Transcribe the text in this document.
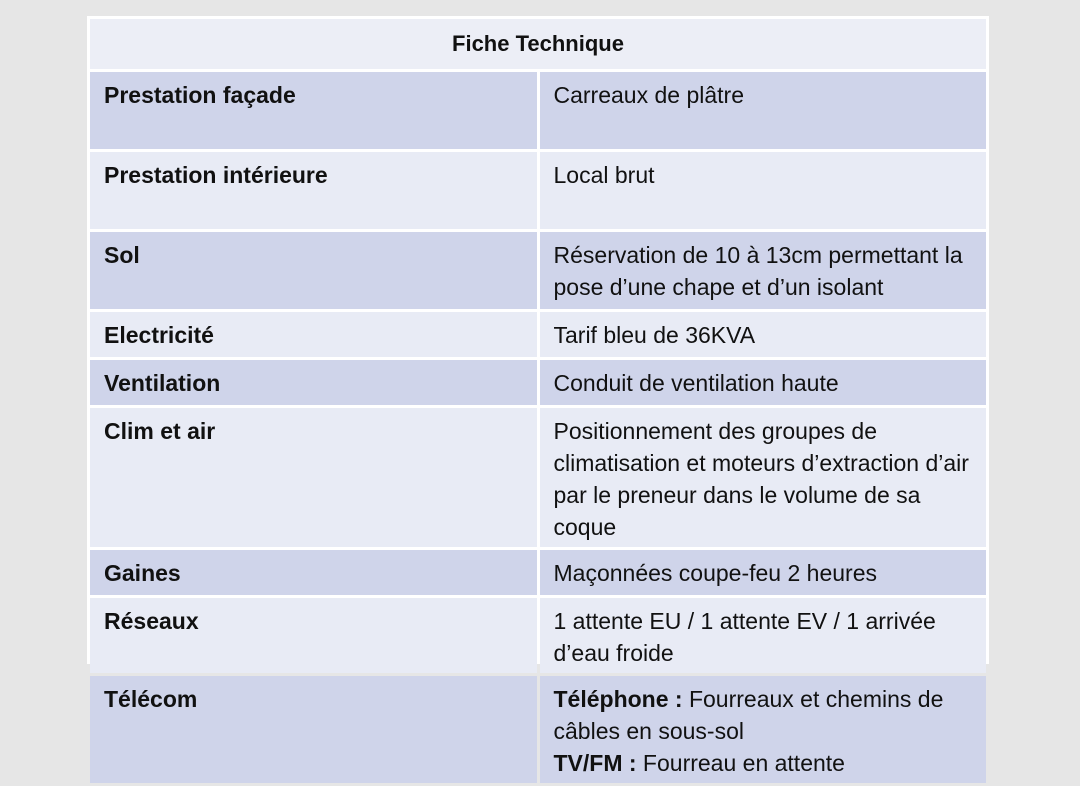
Fiche Technique	
Prestation façade	Carreaux de plâtre
Prestation intérieure	Local brut
Sol	Réservation de 10 à 13cm permettant la pose d’une chape et d’un isolant
Electricité	Tarif bleu de 36KVA
Ventilation	Conduit de ventilation haute
Clim et air	Positionnement des groupes de climatisation et moteurs d’extraction d’air par le preneur dans le volume de sa coque
Gaines	Maçonnées coupe-feu 2 heures
Réseaux	1 attente EU / 1 attente EV / 1 arrivée d’eau froide
Télécom	Téléphone : Fourreaux et chemins de câbles en sous-sol
TV/FM : Fourreau en attente
